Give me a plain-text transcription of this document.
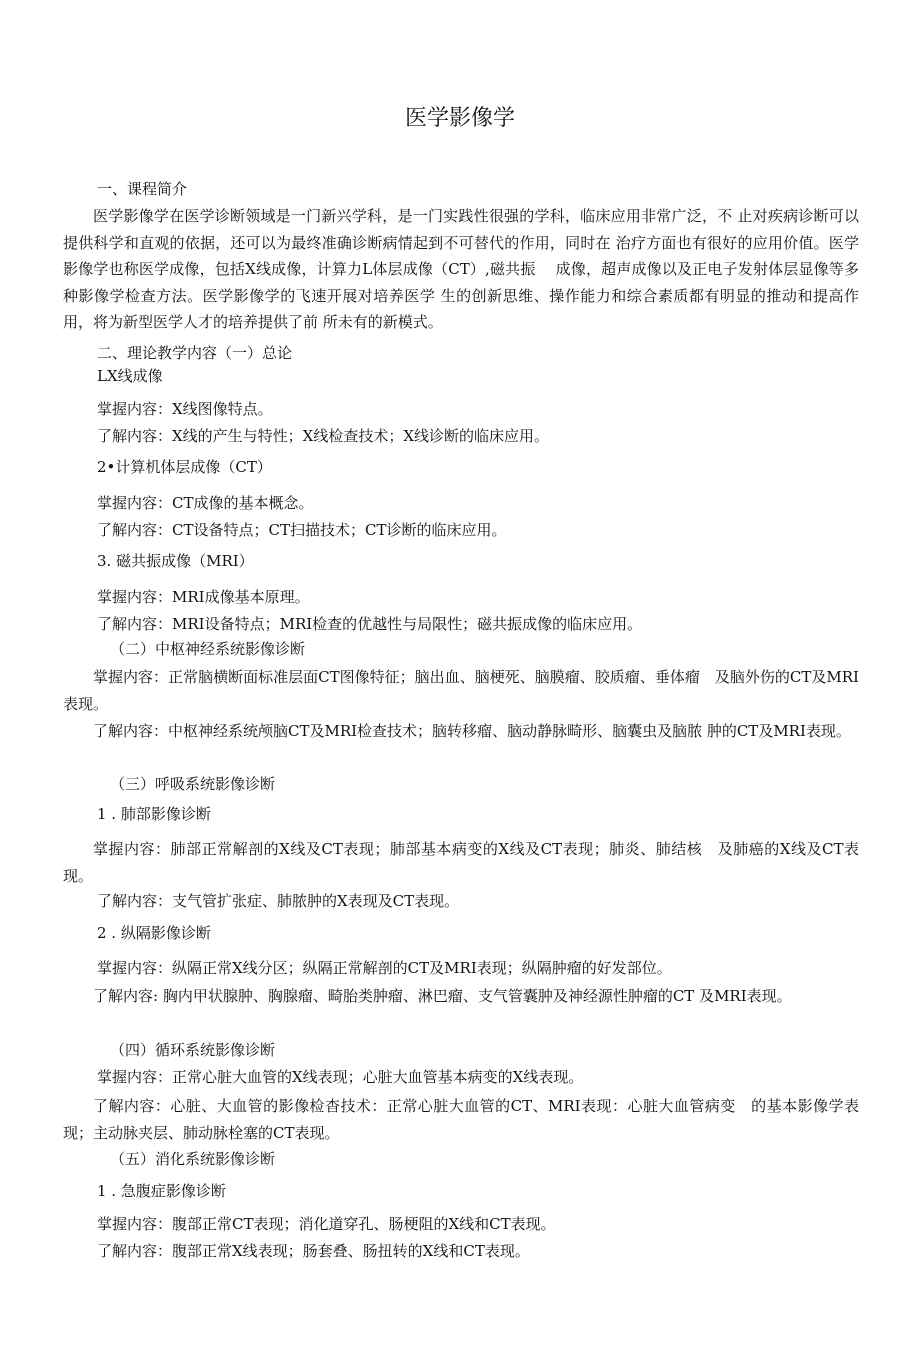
医学影像学
一、课程简介
医学影像学在医学诊断领域是一门新兴学科，是一门实践性很强的学科，临床应用非常广泛，不 止对疾病诊断可以提供科学和直观的依据，还可以为最终准确诊断病情起到不可替代的作用，同时在 治疗方面也有很好的应用价值。医学影像学也称医学成像，包括X线成像，计算力L体层成像（CT）,磁共振　 成像，超声成像以及正电子发射体层显像等多种影像学检查方法。医学影像学的飞速开展对培养医学 生的创新思维、操作能力和综合素质都有明显的推动和提高作用，将为新型医学人才的培养提供了前 所未有的新模式。
二、理论教学内容（一）总论
LX线成像
掌握内容：X线图像特点。
了解内容：X线的产生与特性；X线检查技术；X线诊断的临床应用。
2•计算机体层成像（CT）
掌握内容：CT成像的基本概念。
了解内容：CT设备特点；CT扫描技术；CT诊断的临床应用。
3. 磁共振成像（MRI）
掌握内容：MRI成像基本原理。
了解内容：MRI设备特点；MRI检查的优越性与局限性；磁共振成像的临床应用。
（二）中枢神经系统影像诊断
掌握内容：正常脑横断面标准层面CT图像特征；脑出血、脑梗死、脑膜瘤、胶质瘤、垂体瘤　及脑外伤的CT及MRI表现。
了解内容：中枢神经系统颅脑CT及MRI检查技术；脑转移瘤、脑动静脉畸形、脑囊虫及脑脓 肿的CT及MRI表现。
（三）呼吸系统影像诊断
1 . 肺部影像诊断
掌握内容：肺部正常解剖的X线及CT表现；肺部基本病变的X线及CT表现；肺炎、肺结核　及肺癌的X线及CT表现。
了解内容：支气管扩张症、肺脓肿的X表现及CT表现。
2 . 纵隔影像诊断
掌握内容：纵隔正常X线分区；纵隔正常解剖的CT及MRI表现；纵隔肿瘤的好发部位。
了解内容: 胸内甲状腺肿、胸腺瘤、畸胎类肿瘤、淋巴瘤、支气管囊肿及神经源性肿瘤的CT 及MRI表现。
（四）循环系统影像诊断
掌握内容：正常心脏大血管的X线表现；心脏大血管基本病变的X线表现。
了解内容：心脏、大血管的影像检杳技术：正常心脏大血管的CT、MRI表现：心脏大血管病变　的基本影像学表现；主动脉夹层、肺动脉栓塞的CT表现。
（五）消化系统影像诊断
1 . 急腹症影像诊断
掌握内容：腹部正常CT表现；消化道穿孔、肠梗阻的X线和CT表现。
了解内容：腹部正常X线表现；肠套叠、肠扭转的X线和CT表现。
